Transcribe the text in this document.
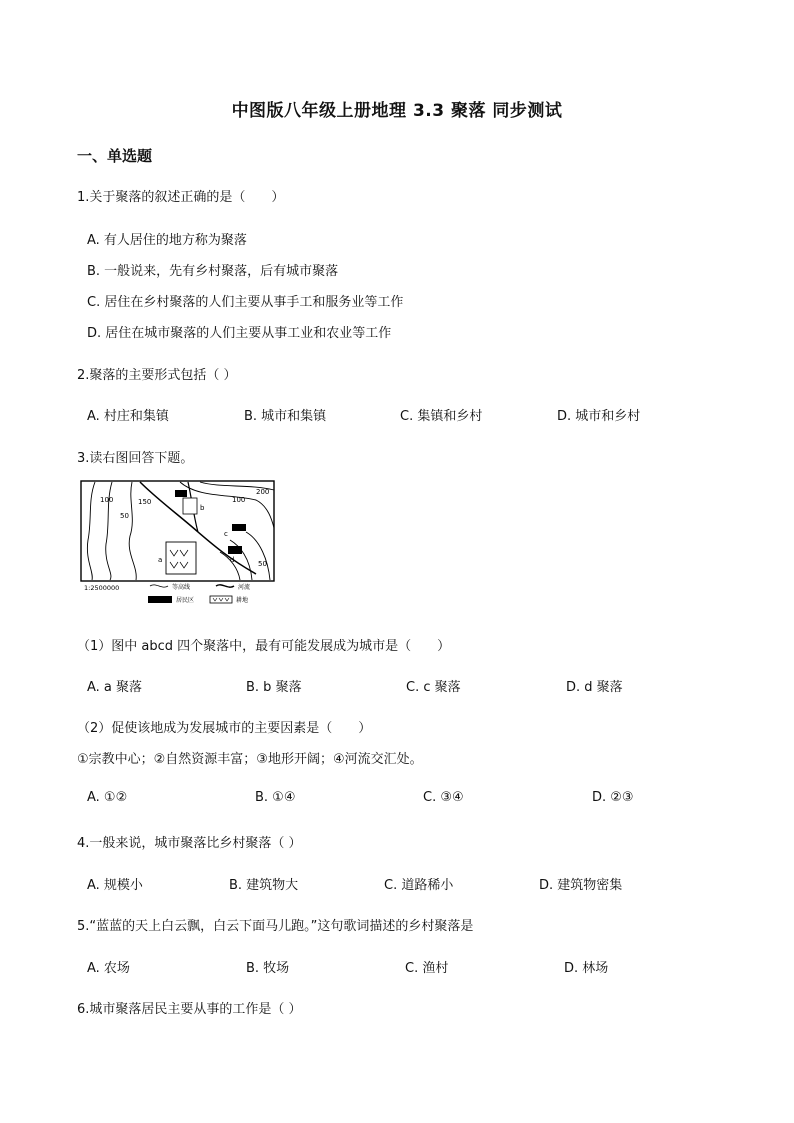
中图版八年级上册地理 3.3 聚落 同步测试
一、单选题
1.关于聚落的叙述正确的是（　　）
A. 有人居住的地方称为聚落
B. 一般说来，先有乡村聚落，后有城市聚落
C. 居住在乡村聚落的人们主要从事手工和服务业等工作
D. 居住在城市聚落的人们主要从事工业和农业等工作
2.聚落的主要形式包括（ ）
A. 村庄和集镇	B. 城市和集镇	C. 集镇和乡村	D. 城市和乡村
3.读右图回答下题。
100
50
150
200
100
50
a
b
c
d
1:2500000	等高线	河流
居民区	耕地
（1）图中 abcd 四个聚落中，最有可能发展成为城市是（　　）
A. a 聚落	B. b 聚落	C. c 聚落	D. d 聚落
（2）促使该地成为发展城市的主要因素是（　　）
①宗教中心；②自然资源丰富；③地形开阔；④河流交汇处。
A. ①②	B. ①④	C. ③④	D. ②③
4.一般来说，城市聚落比乡村聚落（ ）
A. 规模小	B. 建筑物大	C. 道路稀小	D. 建筑物密集
5.“蓝蓝的天上白云飘，白云下面马儿跑。”这句歌词描述的乡村聚落是
A. 农场	B. 牧场	C. 渔村	D. 林场
6.城市聚落居民主要从事的工作是（ ）
